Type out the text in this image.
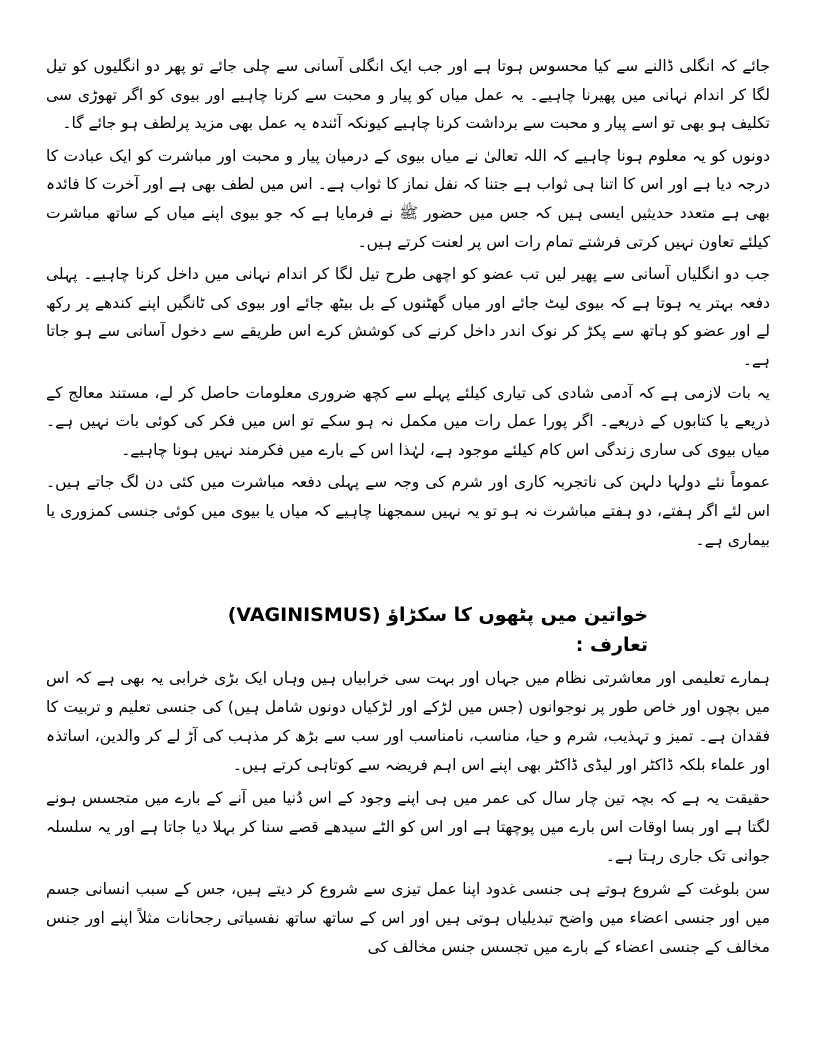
جائے کہ انگلی ڈالنے سے کیا محسوس ہوتا ہے اور جب ایک انگلی آسانی سے چلی جائے تو پھر دو انگلیوں کو تیل لگا کر اندام نہانی میں پھیرنا چاہیے۔ یہ عمل میاں کو پیار و محبت سے کرنا چاہیے اور بیوی کو اگر تھوڑی سی تکلیف ہو بھی تو اسے پیار و محبت سے برداشت کرنا چاہیے کیونکہ آئندہ یہ عمل بھی مزید پرلطف ہو جائے گا۔

دونوں کو یہ معلوم ہونا چاہیے کہ اللہ تعالیٰ نے میاں بیوی کے درمیان پیار و محبت اور مباشرت کو ایک عبادت کا درجہ دیا ہے اور اس کا اتنا ہی ثواب ہے جتنا کہ نفل نماز کا ثواب ہے۔ اس میں لطف بھی ہے اور آخرت کا فائدہ بھی ہے متعدد حدیثیں ایسی ہیں کہ جس میں حضور ﷺ نے فرمایا ہے کہ جو بیوی اپنے میاں کے ساتھ مباشرت کیلئے تعاون نہیں کرتی فرشتے تمام رات اس پر لعنت کرتے ہیں۔

جب دو انگلیاں آسانی سے پھیر لیں تب عضو کو اچھی طرح تیل لگا کر اندام نہانی میں داخل کرنا چاہیے۔ پہلی دفعہ بہتر یہ ہوتا ہے کہ بیوی لیٹ جائے اور میاں گھٹنوں کے بل بیٹھ جائے اور بیوی کی ٹانگیں اپنے کندھے پر رکھ لے اور عضو کو ہاتھ سے پکڑ کر نوک اندر داخل کرنے کی کوشش کرے اس طریقے سے دخول آسانی سے ہو جاتا ہے۔

یہ بات لازمی ہے کہ آدمی شادی کی تیاری کیلئے پہلے سے کچھ ضروری معلومات حاصل کر لے، مستند معالج کے ذریعے یا کتابوں کے ذریعے۔ اگر پورا عمل رات میں مکمل نہ ہو سکے تو اس میں فکر کی کوئی بات نہیں ہے۔ میاں بیوی کی ساری زندگی اس کام کیلئے موجود ہے، لہٰذا اس کے بارے میں فکرمند نہیں ہونا چاہیے۔

عموماً نئے دولہا دلہن کی ناتجربہ کاری اور شرم کی وجہ سے پہلی دفعہ مباشرت میں کئی دن لگ جاتے ہیں۔ اس لئے اگر ہفتے، دو ہفتے مباشرت نہ ہو تو یہ نہیں سمجھنا چاہیے کہ میاں یا بیوی میں کوئی جنسی کمزوری یا بیماری ہے۔

خواتین میں پٹھوں کا سکڑاؤ (VAGINISMUS)
تعارف :

ہمارے تعلیمی اور معاشرتی نظام میں جہاں اور بہت سی خرابیاں ہیں وہاں ایک بڑی خرابی یہ بھی ہے کہ اس میں بچوں اور خاص طور پر نوجوانوں (جس میں لڑکے اور لڑکیاں دونوں شامل ہیں) کی جنسی تعلیم و تربیت کا فقدان ہے۔ تمیز و تہذیب، شرم و حیا، مناسب، نامناسب اور سب سے بڑھ کر مذہب کی آڑ لے کر والدین، اساتذہ اور علماء بلکہ ڈاکٹر اور لیڈی ڈاکٹر بھی اپنے اس اہم فریضہ سے کوتاہی کرتے ہیں۔

حقیقت یہ ہے کہ بچہ تین چار سال کی عمر میں ہی اپنے وجود کے اس دُنیا میں آنے کے بارے میں متجسس ہونے لگتا ہے اور بسا اوقات اس بارے میں پوچھتا ہے اور اس کو الٹے سیدھے قصے سنا کر بہلا دیا جاتا ہے اور یہ سلسلہ جوانی تک جاری رہتا ہے۔

سن بلوغت کے شروع ہوتے ہی جنسی غدود اپنا عمل تیزی سے شروع کر دیتے ہیں، جس کے سبب انسانی جسم میں اور جنسی اعضاء میں واضح تبدیلیاں ہوتی ہیں اور اس کے ساتھ ساتھ نفسیاتی رجحانات مثلاً اپنے اور جنس مخالف کے جنسی اعضاء کے بارے میں تجسس جنس مخالف کی
